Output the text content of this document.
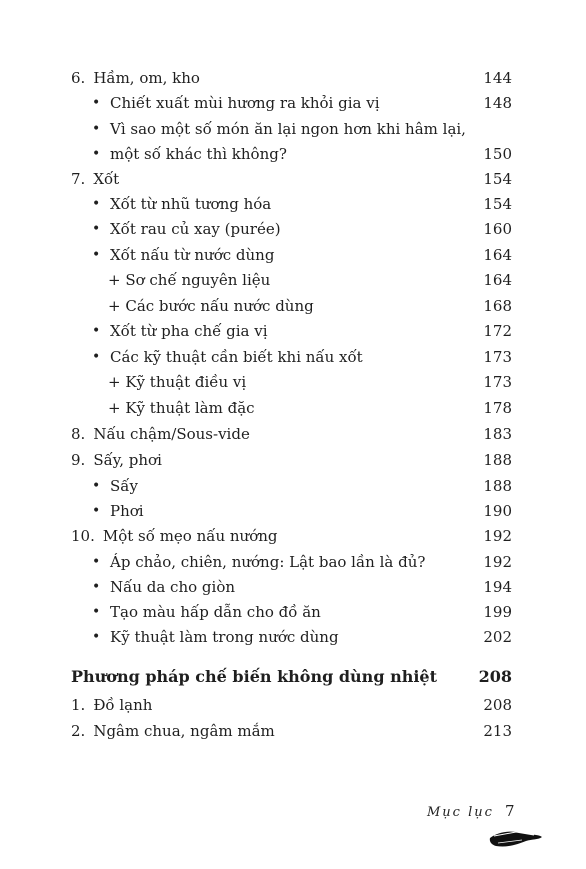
6. Hầm, om, kho	144
• Chiết xuất mùi hương ra khỏi gia vị	148
• Vì sao một số món ăn lại ngon hơn khi hâm lại,
• một số khác thì không?	150
7. Xốt	154
• Xốt từ nhũ tương hóa	154
• Xốt rau củ xay (purée)	160
• Xốt nấu từ nước dùng	164
+ Sơ chế nguyên liệu	164
+ Các bước nấu nước dùng	168
• Xốt từ pha chế gia vị	172
• Các kỹ thuật cần biết khi nấu xốt	173
+ Kỹ thuật điều vị	173
+ Kỹ thuật làm đặc	178
8. Nấu chậm/Sous-vide	183
9. Sấy, phơi	188
• Sấy	188
• Phơi	190
10. Một số mẹo nấu nướng	192
• Áp chảo, chiên, nướng: Lật bao lần là đủ?	192
• Nấu da cho giòn	194
• Tạo màu hấp dẫn cho đồ ăn	199
• Kỹ thuật làm trong nước dùng	202
Phương pháp chế biến không dùng nhiệt	208
1. Đồ lạnh	208
2. Ngâm chua, ngâm mắm	213
Mục lục 7
